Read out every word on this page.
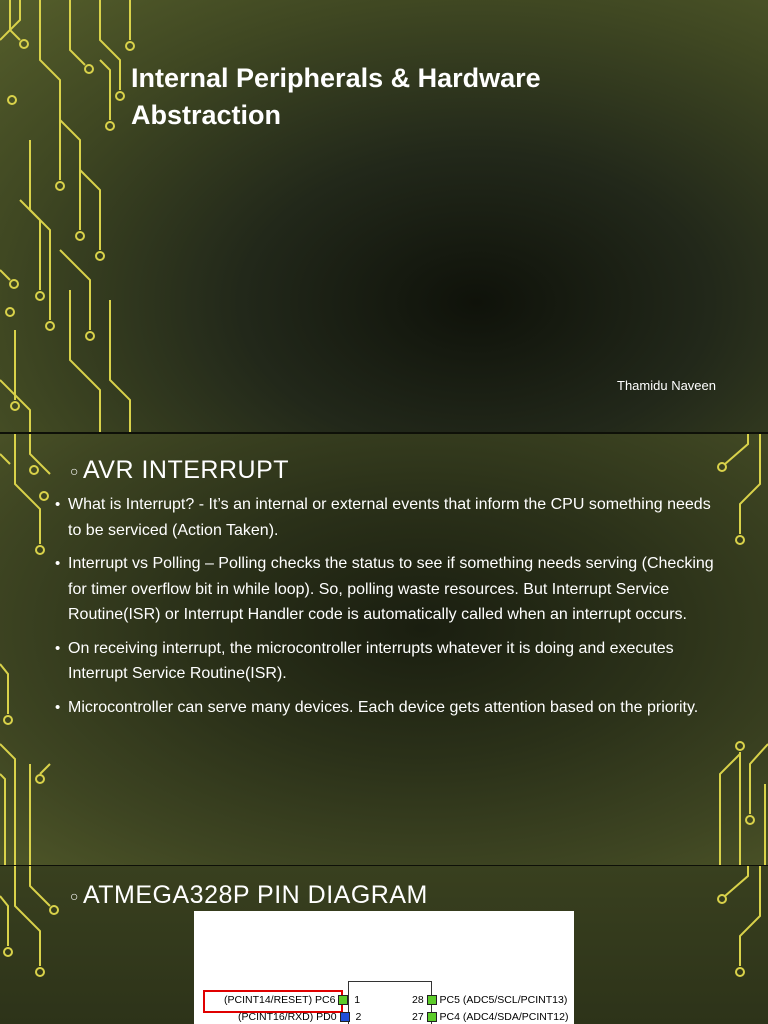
Internal Peripherals & Hardware Abstraction
Thamidu Naveen
○ AVR INTERRUPT
• What is Interrupt? - It’s an internal or external events that inform the CPU something needs to be serviced (Action Taken).
• Interrupt vs Polling – Polling checks the status to see if something needs serving (Checking for timer overflow bit in while loop). So, polling waste resources. But Interrupt Service Routine(ISR) or Interrupt Handler code is automatically called when an interrupt occurs.
• On receiving interrupt, the microcontroller interrupts whatever it is doing and executes Interrupt Service Routine(ISR).
• Microcontroller can serve many devices. Each device gets attention based on the priority.
○ ATMEGA328P PIN DIAGRAM
(PCINT14/RESET) PC6 1
(PCINT16/RXD) PD0 2
28 PC5 (ADC5/SCL/PCINT13)
27 PC4 (ADC4/SDA/PCINT12)
